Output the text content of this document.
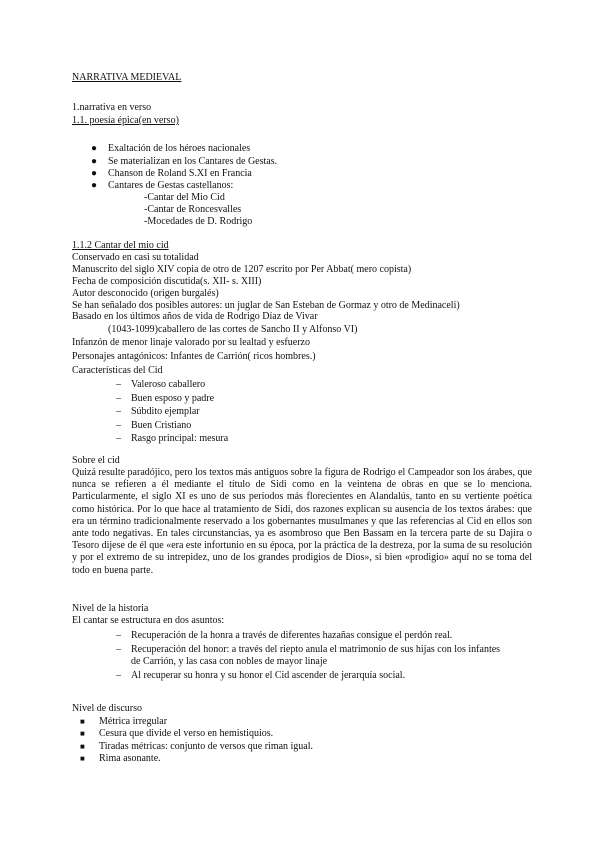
NARRATIVA MEDIEVAL
1.narrativa en verso
1.1. poesía épica(en verso)
● Exaltación de los héroes nacionales
● Se materializan en los Cantares de Gestas.
● Chanson de Roland S.XI en Francia
● Cantares de Gestas castellanos:
-Cantar del Mio Cid
-Cantar de Roncesvalles
-Mocedades de D. Rodrigo
1.1.2 Cantar del mio cid
Conservado en casi su totalidad
Manuscrito del siglo XIV copia de otro de 1207 escrito por Per Abbat( mero copista)
Fecha de composición discutida(s. XII- s. XIII)
Autor desconocido (origen burgalés)
Se han señalado dos posibles autores: un juglar de San Esteban de Gormaz y otro de Medinaceli)
Basado en los últimos años de vida de Rodrigo Díaz de Vivar
(1043-1099)caballero de las cortes de Sancho II y Alfonso VI)
Infanzón de menor linaje valorado por su lealtad y esfuerzo
Personajes antagónicos: Infantes de Carrión( ricos hombres.)
Características del Cid
– Valeroso caballero
– Buen esposo y padre
– Súbdito ejemplar
– Buen Cristiano
– Rasgo principal: mesura
Sobre el cid
Quizá resulte paradójico, pero los textos más antiguos sobre la figura de Rodrigo el Campeador son los árabes, que nunca se refieren a él mediante el título de Sidi como en la veintena de obras en que se lo menciona. Particularmente, el siglo XI es uno de sus períodos más florecientes en Alandalús, tanto en su vertiente poética como histórica. Por lo que hace al tratamiento de Sidi, dos razones explican su ausencia de los textos árabes: que era un término tradicionalmente reservado a los gobernantes musulmanes y que las referencias al Cid en ellos son ante todo negativas. En tales circunstancias, ya es asombroso que Ben Bassam en la tercera parte de su Dajira o Tesoro dijese de él que «era este infortunio en su época, por la práctica de la destreza, por la suma de su resolución y por el extremo de su intrepidez, uno de los grandes prodigios de Dios», si bien «prodigio» aquí no se toma del todo en buena parte.
Nivel de la historia
El cantar se estructura en dos asuntos:
– Recuperación de la honra a través de diferentes hazañas consigue el perdón real.
– Recuperación del honor: a través del riepto anula el matrimonio de sus hijas con los infantes de Carrión, y las casa con nobles de mayor linaje
– Al recuperar su honra y su honor el Cid ascender de jerarquía social.
Nivel de discurso
■ Métrica irregular
■ Cesura que divide el verso en hemistiquios.
■ Tiradas métricas: conjunto de versos que riman igual.
■ Rima asonante.
